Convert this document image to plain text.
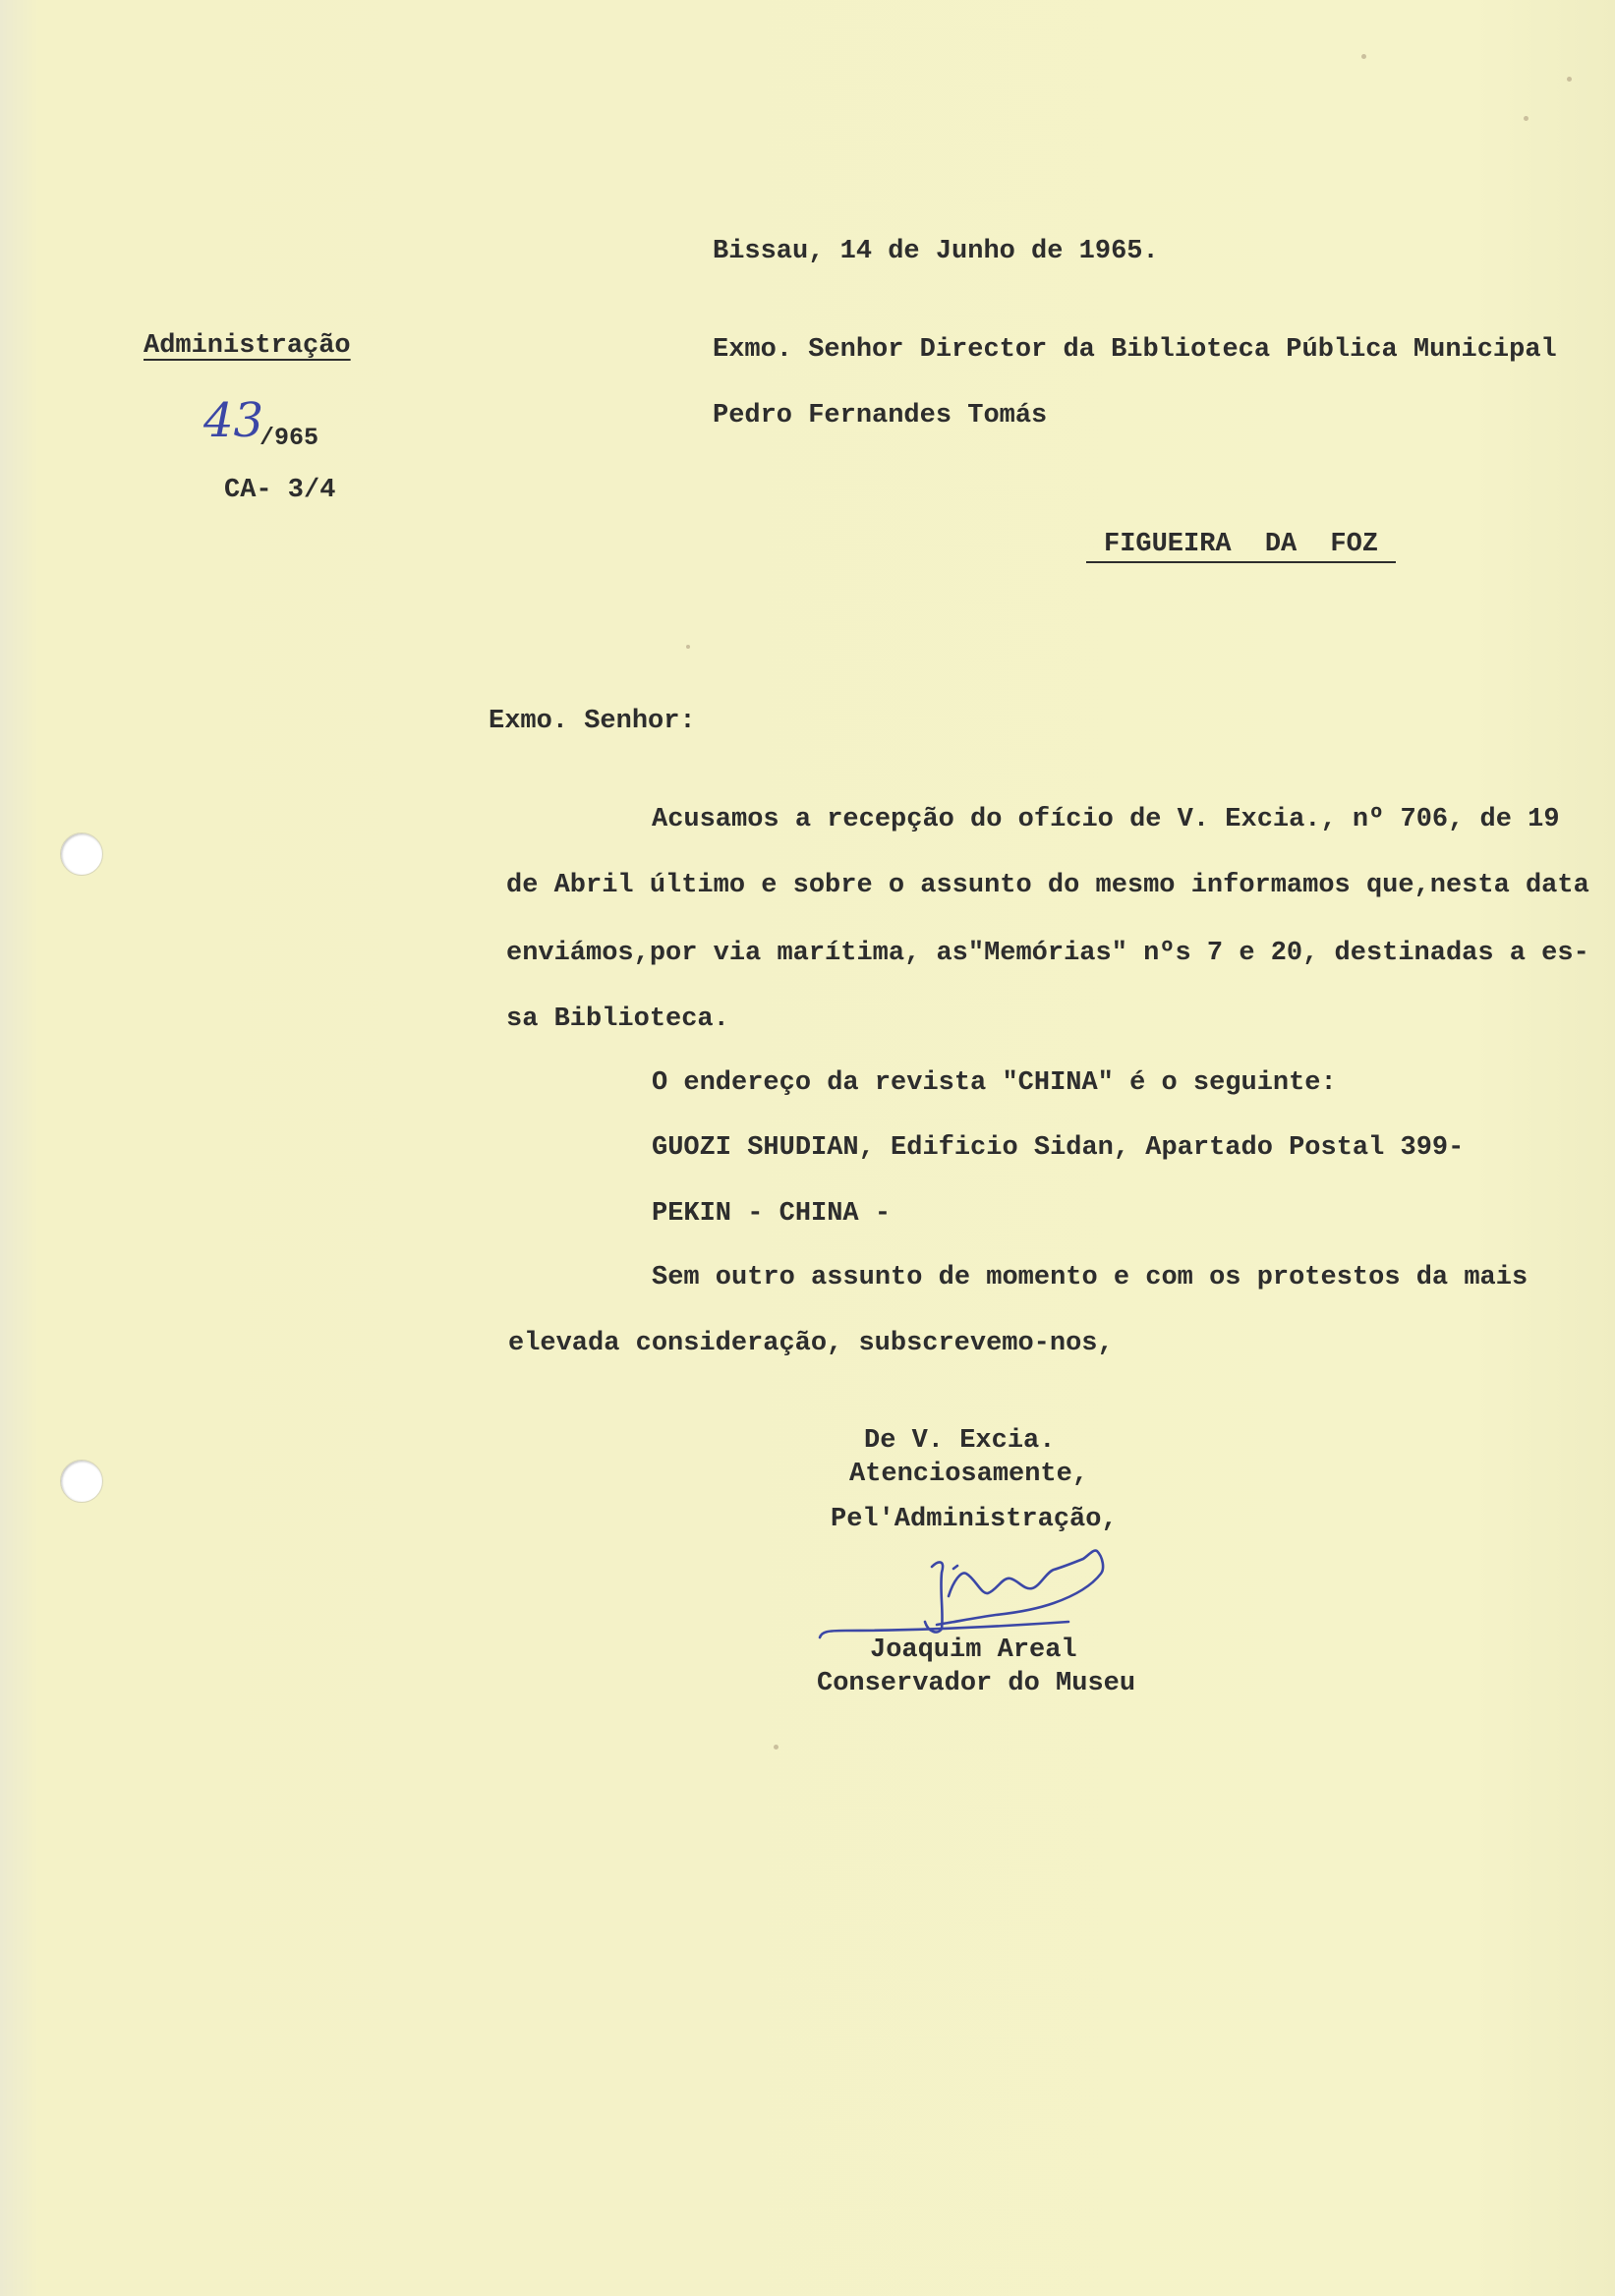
Bissau, 14 de Junho de 1965.
Administração
43
/965
CA- 3/4
Exmo. Senhor Director da Biblioteca Pública Municipal
Pedro Fernandes Tomás
FIGUEIRA DA FOZ
Exmo. Senhor:
Acusamos a recepção do ofício de V. Excia., nº 706, de 19
de Abril último e sobre o assunto do mesmo informamos que,nesta data
enviámos,por via marítima, as"Memórias" nºs 7 e 20, destinadas a es-
sa Biblioteca.
O endereço da revista "CHINA" é o seguinte:
GUOZI SHUDIAN, Edificio Sidan, Apartado Postal 399-
PEKIN - CHINA -
Sem outro assunto de momento e com os protestos da mais
elevada consideração, subscrevemo-nos,
De V. Excia.
Atenciosamente,
Pel'Administração,
Joaquim Areal
Conservador do Museu
